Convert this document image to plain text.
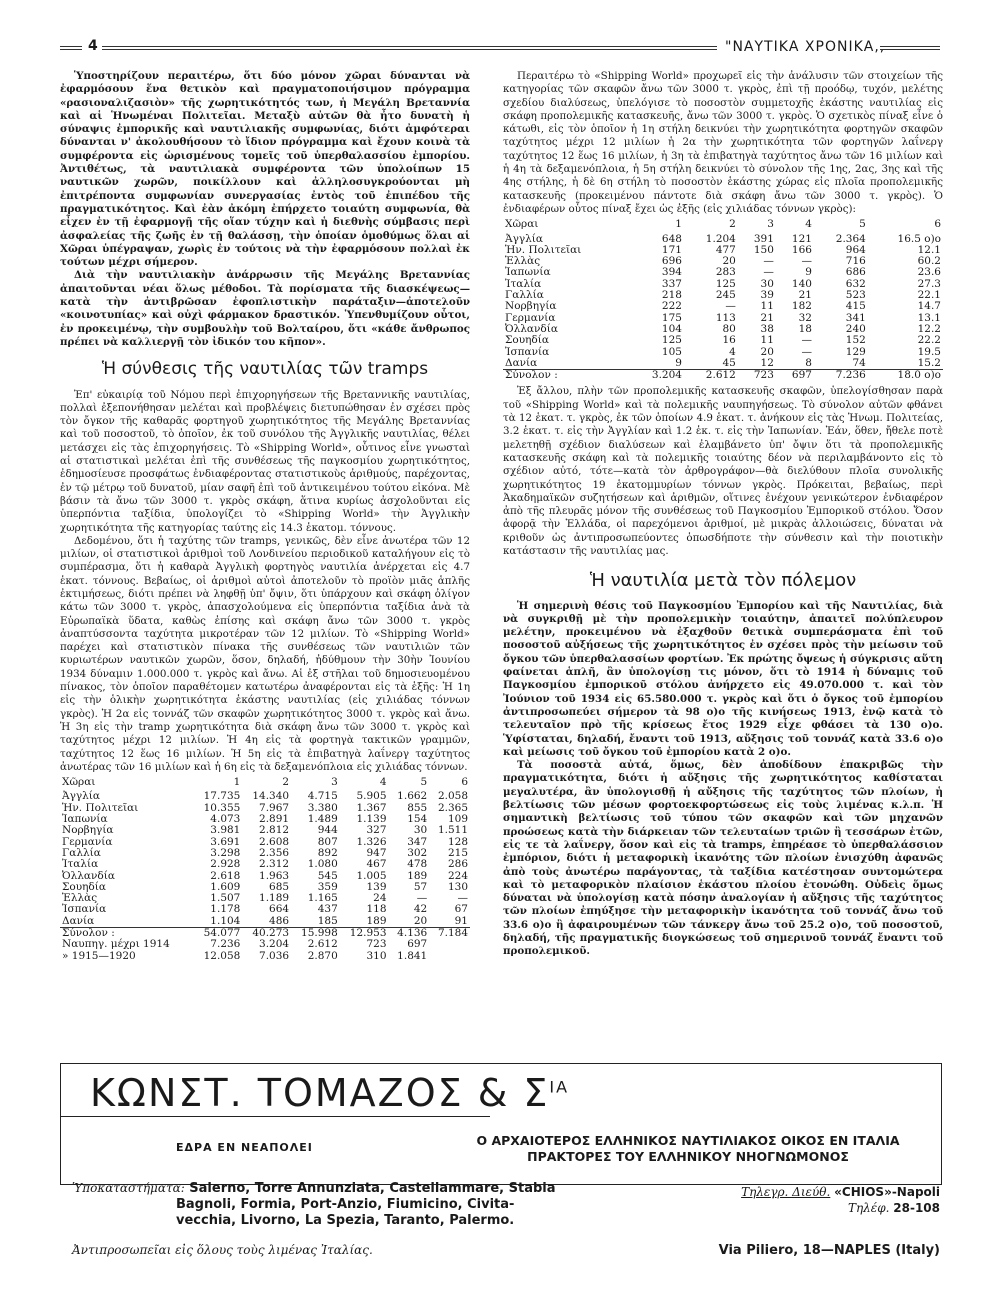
4	"ΝΑΥΤΙΚΑ ΧΡΟΝΙΚΑ,,

Ὑποστηρίζουν περαιτέρω, ὅτι δύο μόνον χῶραι δύνανται νὰ ἐφαρμόσουν ἕνα θετικὸν καὶ πραγματοποιήσιμον πρόγραμμα «ρασιοναλιζασιὸν» τῆς χωρητικότητός των, ἡ Μεγάλη Βρεταννία καὶ αἱ Ἡνωμέναι Πολιτεῖαι. Μεταξὺ αὐτῶν θὰ ἦτο δυνατὴ ἡ σύναψις ἐμπορικῆς καὶ ναυτιλιακῆς συμφωνίας, διότι ἀμφότεραι δύνανται ν' ἀκολουθήσουν τὸ ἴδιον πρόγραμμα καὶ ἔχουν κοινὰ τὰ συμφέροντα εἰς ὡρισμένους τομεῖς τοῦ ὑπερθαλασσίου ἐμπορίου. Ἀντιθέτως, τὰ ναυτιλιακὰ συμφέροντα τῶν ὑπολοίπων 15 ναυτικῶν χωρῶν, ποικίλλουν καὶ ἀλληλοσυγκρούονται μὴ ἐπιτρέποντα συμφωνίαν συνεργασίας ἐντὸς τοῦ ἐπιπέδου τῆς πραγματικότητος. Καὶ ἐὰν ἀκόμη ἐπήρχετο τοιαύτη συμφωνία, θὰ εἶχεν ἐν τῇ ἐφαρμογῇ τῆς οἵαν τύχην καὶ ἡ διεθνὴς σύμβασις περὶ ἀσφαλείας τῆς ζωῆς ἐν τῇ θαλάσσῃ, τὴν ὁποίαν ὁμοθύμως ὅλαι αἱ Χῶραι ὑπέγραψαν, χωρὶς ἐν τούτοις νὰ τὴν ἐφαρμόσουν πολλαὶ ἐκ τούτων μέχρι σήμερον.

Διὰ τὴν ναυτιλιακὴν ἀνάρρωσιν τῆς Μεγάλης Βρεταννίας ἀπαιτοῦνται νέαι ὅλως μέθοδοι. Τὰ πορίσματα τῆς διασκέψεως—κατὰ τὴν ἀντιβρῶσαν ἐφοπλιστικὴν παράταξιν—ἀποτελοῦν «κοινοτυπίας» καὶ οὐχὶ φάρμακον δραστικόν. Ὑπενθυμίζουν οὗτοι, ἐν προκειμένῳ, τὴν συμβουλὴν τοῦ Βολταίρου, ὅτι «κάθε ἄνθρωπος πρέπει νὰ καλλιεργῇ τὸν ἰδικόν του κῆπον».

Ἡ σύνθεσις τῆς ναυτιλίας τῶν tramps

Ἐπ' εὐκαιρίᾳ τοῦ Νόμου περὶ ἐπιχορηγήσεων τῆς Βρεταννικῆς ναυτιλίας, πολλαὶ ἐξεπονήθησαν μελέται καὶ προβλέψεις διετυπώθησαν ἐν σχέσει πρὸς τὸν ὄγκον τῆς καθαρᾶς φορτηγοῦ χωρητικότητος τῆς Μεγάλης Βρεταννίας καὶ τοῦ ποσοστοῦ, τὸ ὁποῖον, ἐκ τοῦ συνόλου τῆς Ἀγγλικῆς ναυτιλίας, θέλει μετάσχει εἰς τὰς ἐπιχορηγήσεις. Τὸ «Shipping World», οὗτινος εἶνε γνωσταὶ αἱ στατιστικαὶ μελέται ἐπὶ τῆς συνθέσεως τῆς παγκοσμίου χωρητικότητος, ἐδημοσίευσε προσφάτως ἐνδιαφέροντας στατιστικοὺς ἀριθμούς, παρέχοντας, ἐν τῷ μέτρῳ τοῦ δυνατοῦ, μίαν σαφῆ ἐπὶ τοῦ ἀντικειμένου τούτου εἰκόνα. Μὲ βάσιν τὰ ἄνω τῶν 3000 τ. γκρὸς σκάφη, ἅτινα κυρίως ἀσχολοῦνται εἰς ὑπερπόντια ταξίδια, ὑπολογίζει τὸ «Shipping World» τὴν Ἀγγλικὴν χωρητικότητα τῆς κατηγορίας ταύτης εἰς 14.3 ἑκατομ. τόννους.

Δεδομένου, ὅτι ἡ ταχύτης τῶν tramps, γενικῶς, δὲν εἶνε ἀνωτέρα τῶν 12 μιλίων, οἱ στατιστικοὶ ἀριθμοὶ τοῦ Λονδινείου περιοδικοῦ καταλήγουν εἰς τὸ συμπέρασμα, ὅτι ἡ καθαρὰ Ἀγγλικὴ φορτηγὸς ναυτιλία ἀνέρχεται εἰς 4.7 ἑκατ. τόννους. Βεβαίως, οἱ ἀριθμοὶ αὐτοὶ ἀποτελοῦν τὸ προϊὸν μιᾶς ἁπλῆς ἐκτιμήσεως, διότι πρέπει νὰ ληφθῇ ὑπ' ὄψιν, ὅτι ὑπάρχουν καὶ σκάφη ὀλίγον κάτω τῶν 3000 τ. γκρὸς, ἀπασχολούμενα εἰς ὑπερπόντια ταξίδια ἀνὰ τὰ Εὐρωπαϊκὰ ὕδατα, καθὼς ἐπίσης καὶ σκάφη ἄνω τῶν 3000 τ. γκρὸς ἀναπτύσσοντα ταχύτητα μικροτέραν τῶν 12 μιλίων. Τὸ «Shipping World» παρέχει καὶ στατιστικὸν πίνακα τῆς συνθέσεως τῶν ναυτιλιῶν τῶν κυριωτέρων ναυτικῶν χωρῶν, ὅσον, δηλαδή, ἠδύθμουν τὴν 30ὴν Ἰουνίου 1934 δύναμιν 1.000.000 τ. γκρὸς καὶ ἄνω. Αἱ ἐξ στῆλαι τοῦ δημοσιευομένου πίνακος, τὸν ὁποῖον παραθέτομεν κατωτέρω ἀναφέρονται εἰς τὰ ἑξῆς: Ἡ 1η εἰς τὴν ὁλικὴν χωρητικότητα ἑκάστης ναυτιλίας (εἰς χιλιάδας τόννων γκρὸς). Ἡ 2α εἰς τοννάζ τῶν σκαφῶν χωρητικότητος 3000 τ. γκρὸς καὶ ἄνω. Ἡ 3η εἰς τὴν tramp χωρητικότητα διὰ σκάφη ἄνω τῶν 3000 τ. γκρὸς καὶ ταχύτητος μέχρι 12 μιλίων. Ἡ 4η εἰς τὰ φορτηγὰ τακτικῶν γραμμῶν, ταχύτητος 12 ἕως 16 μιλίων. Ἡ 5η εἰς τὰ ἐπιβατηγὰ λαΐνεργ ταχύτητος ἀνωτέρας τῶν 16 μιλίων καὶ ἡ 6η εἰς τὰ δεξαμενόπλοια εἰς χιλιάδας τόννων.

Χῶραι	1	2	3	4	5	6
Ἀγγλία	17.735	14.340	4.715	5.905	1.662	2.058
Ἡν. Πολιτεῖαι	10.355	7.967	3.380	1.367	855	2.365
Ἰαπωνία	4.073	2.891	1.489	1.139	154	109
Νορβηγία	3.981	2.812	944	327	30	1.511
Γερμανία	3.691	2.608	807	1.326	347	128
Γαλλία	3.298	2.356	892	947	302	215
Ἰταλία	2.928	2.312	1.080	467	478	286
Ὀλλανδία	2.618	1.963	545	1.005	189	224
Σουηδία	1.609	685	359	139	57	130
Ἑλλὰς	1.507	1.189	1.165	24	—	—
Ἰσπανία	1.178	664	437	118	42	67
Δανία	1.104	486	185	189	20	91
Σύνολον :	54.077	40.273	15.998	12.953	4.136	7.184
Ναυπηγ. μέχρι 1914	7.236	3.204	2.612	723	697	
» 1915—1920	12.058	7.036	2.870	310	1.841	

Περαιτέρω τὸ «Shipping World» προχωρεῖ εἰς τὴν ἀνάλυσιν τῶν στοιχείων τῆς κατηγορίας τῶν σκαφῶν ἄνω τῶν 3000 τ. γκρὸς, ἐπὶ τῇ προόδῳ, τυχόν, μελέτης σχεδίου διαλύσεως, ὑπελόγισε τὸ ποσοστὸν συμμετοχῆς ἑκάστης ναυτιλίας εἰς σκάφη προπολεμικῆς κατασκευῆς, ἄνω τῶν 3000 τ. γκρὸς. Ὁ σχετικὸς πίναξ εἶνε ὁ κάτωθι, εἰς τὸν ὁποῖον ἡ 1η στήλη δεικνύει τὴν χωρητικότητα φορτηγῶν σκαφῶν ταχύτητος μέχρι 12 μιλίων ἡ 2α τὴν χωρητικότητα τῶν φορτηγῶν λαΐνεργ ταχύτητος 12 ἕως 16 μιλίων, ἡ 3η τὰ ἐπιβατηγὰ ταχύτητος ἄνω τῶν 16 μιλίων καὶ ἡ 4η τὰ δεξαμενόπλοια, ἡ 5η στήλη δεικνύει τὸ σύνολον τῆς 1ης, 2ας, 3ης καὶ τῆς 4ης στήλης, ἡ δὲ 6η στήλη τὸ ποσοστὸν ἑκάστης χώρας εἰς πλοῖα προπολεμικῆς κατασκευῆς (προκειμένου πάντοτε διὰ σκάφη ἄνω τῶν 3000 τ. γκρὸς). Ὁ ἐνδιαφέρων οὗτος πίναξ ἔχει ὡς ἑξῆς (εἰς χιλιάδας τόννων γκρὸς):

Χῶραι	1	2	3	4	5	6
Ἀγγλία	648	1.204	391	121	2.364	16.5 ο)ο
Ἡν. Πολιτεῖαι	171	477	150	166	964	12.1
Ἑλλὰς	696	20	—	—	716	60.2
Ἰαπωνία	394	283	—	9	686	23.6
Ἰταλία	337	125	30	140	632	27.3
Γαλλία	218	245	39	21	523	22.1
Νορβηγία	222	—	11	182	415	14.7
Γερμανία	175	113	21	32	341	13.1
Ὀλλανδία	104	80	38	18	240	12.2
Σουηδία	125	16	11	—	152	22.2
Ἰσπανία	105	4	20	—	129	19.5
Δανία	9	45	12	8	74	15.2
Σύνολον :	3.204	2.612	723	697	7.236	18.0 ο)ο

Ἐξ ἄλλου, πλὴν τῶν προπολεμικῆς κατασκευῆς σκαφῶν, ὑπελογίσθησαν παρὰ τοῦ «Shipping World» καὶ τὰ πολεμικῆς ναυπηγήσεως. Τὸ σύνολον αὐτῶν φθάνει τὰ 12 ἑκατ. τ. γκρὸς, ἐκ τῶν ὁποίων 4.9 ἑκατ. τ. ἀνήκουν εἰς τὰς Ἡνωμ. Πολιτείας, 3.2 ἑκατ. τ. εἰς τὴν Ἀγγλίαν καὶ 1.2 ἑκ. τ. εἰς τὴν Ἰαπωνίαν. Ἐάν, ὅθεν, ἤθελε ποτὲ μελετηθῇ σχέδιον διαλύσεων καὶ ἐλαμβάνετο ὑπ' ὄψιν ὅτι τὰ προπολεμικῆς κατασκευῆς σκάφη καὶ τὰ πολεμικῆς τοιαύτης δέον νὰ περιλαμβάνοντο εἰς τὸ σχέδιον αὐτό, τότε—κατὰ τὸν ἀρθρογράφον—θὰ διελύθουν πλοῖα συνολικῆς χωρητικότητος 19 ἑκατομμυρίων τόννων γκρὸς. Πρόκειται, βεβαίως, περὶ Ἀκαδημαϊκῶν συζητήσεων καὶ ἀριθμῶν, οἵτινες ἐνέχουν γενικώτερον ἐνδιαφέρον ἀπὸ τῆς πλευρᾶς μόνον τῆς συνθέσεως τοῦ Παγκοσμίου Ἐμπορικοῦ στόλου. Ὅσον ἀφορᾷ τὴν Ἑλλάδα, οἱ παρεχόμενοι ἀριθμοί, μὲ μικρὰς ἀλλοιώσεις, δύναται νὰ κριθοῦν ὡς ἀντιπροσωπεύοντες ὁπωσδήποτε τὴν σύνθεσιν καὶ τὴν ποιοτικὴν κατάστασιν τῆς ναυτιλίας μας.

Ἡ ναυτιλία μετὰ τὸν πόλεμον

Ἡ σημερινὴ θέσις τοῦ Παγκοσμίου Ἐμπορίου καὶ τῆς Ναυτιλίας, διὰ νὰ συγκριθῇ μὲ τὴν προπολεμικὴν τοιαύτην, ἀπαιτεῖ πολύπλευρον μελέτην, προκειμένου νὰ ἐξαχθοῦν θετικὰ συμπεράσματα ἐπὶ τοῦ ποσοστοῦ αὐξήσεως τῆς χωρητικότητος ἐν σχέσει πρὸς τὴν μείωσιν τοῦ ὄγκου τῶν ὑπερθαλασσίων φορτίων. Ἐκ πρώτης ὄψεως ἡ σύγκρισις αὕτη φαίνεται ἁπλῆ, ἂν ὑπολογίσῃ τις μόνον, ὅτι τὸ 1914 ἡ δύναμις τοῦ Παγκοσμίου ἐμπορικοῦ στόλου ἀνήρχετο εἰς 49.070.000 τ. καὶ τὸν Ἰούνιον τοῦ 1934 εἰς 65.580.000 τ. γκρὸς καὶ ὅτι ὁ ὄγκος τοῦ ἐμπορίου ἀντιπροσωπεύει σήμερον τὰ 98 ο)ο τῆς κινήσεως 1913, ἐνῷ κατὰ τὸ τελευταῖον πρὸ τῆς κρίσεως ἔτος 1929 εἶχε φθάσει τὰ 130 ο)ο. Ὑφίσταται, δηλαδή, ἔναντι τοῦ 1913, αὔξησις τοῦ τοννάζ κατὰ 33.6 ο)ο καὶ μείωσις τοῦ ὄγκου τοῦ ἐμπορίου κατὰ 2 ο)ο.

Τὰ ποσοστὰ αὐτά, ὅμως, δὲν ἀποδίδουν ἐπακριβῶς τὴν πραγματικότητα, διότι ἡ αὔξησις τῆς χωρητικότητος καθίσταται μεγαλυτέρα, ἂν ὑπολογισθῇ ἡ αὔξησις τῆς ταχύτητος τῶν πλοίων, ἡ βελτίωσις τῶν μέσων φορτοεκφορτώσεως εἰς τοὺς λιμένας κ.λ.π. Ἡ σημαντικὴ βελτίωσις τοῦ τύπου τῶν σκαφῶν καὶ τῶν μηχανῶν προώσεως κατὰ τὴν διάρκειαν τῶν τελευταίων τριῶν ἢ τεσσάρων ἐτῶν, εἰς τε τὰ λαΐνεργ, ὅσον καὶ εἰς τὰ tramps, ἐπηρέασε τὸ ὑπερθαλάσσιον ἐμπόριον, διότι ἡ μεταφορικὴ ἱκανότης τῶν πλοίων ἐνισχύθη ἀφανῶς ἀπὸ τοὺς ἀνωτέρω παράγοντας, τὰ ταξίδια κατέστησαν συντομώτερα καὶ τὸ μεταφορικὸν πλαίσιον ἑκάστου πλοίου ἐτονώθη. Οὐδεὶς ὅμως δύναται νὰ ὑπολογίσῃ κατὰ πόσην ἀναλογίαν ἡ αὔξησις τῆς ταχύτητος τῶν πλοίων ἐπηύξησε τὴν μεταφορικὴν ἱκανότητα τοῦ τοννάζ ἄνω τοῦ 33.6 ο)ο ἢ ἀφαιρουμένων τῶν τάνκεργ ἄνω τοῦ 25.2 ο)ο, τοῦ ποσοστοῦ, δηλαδή, τῆς πραγματικῆς διογκώσεως τοῦ σημερινοῦ τοννάζ ἔναντι τοῦ προπολεμικοῦ.

ΚΩΝΣΤ. ΤΟΜΑΖΟΣ & $\Sigma^{IA}$
ΕΔΡΑ ΕΝ ΝΕΑΠΟΛΕΙ	Ο ΑΡΧΑΙΟΤΕΡΟΣ ΕΛΛΗΝΙΚΟΣ ΝΑΥΤΙΛΙΑΚΟΣ ΟΙΚΟΣ ΕΝ ΙΤΑΛΙΑ
ΠΡΑΚΤΟΡΕΣ ΤΟΥ ΕΛΛΗΝΙΚΟΥ ΝΗΟΓΝΩΜΟΝΟΣ
Ὑποκαταστήματα: Salerno, Torre Annunziata, Castellammare, Stabia
Bagnoli, Formia, Port-Anzio, Fiumicino, Civita-
vecchia, Livorno, La Spezia, Taranto, Palermo.
Ἀντιπροσωπεῖαι εἰς ὅλους τοὺς λιμένας Ἰταλίας.
Τηλεγρ. Διεύθ. «CHIOS»-Napoli
Τηλέφ. 28-108
Via Piliero, 18—NAPLES (Italy)
